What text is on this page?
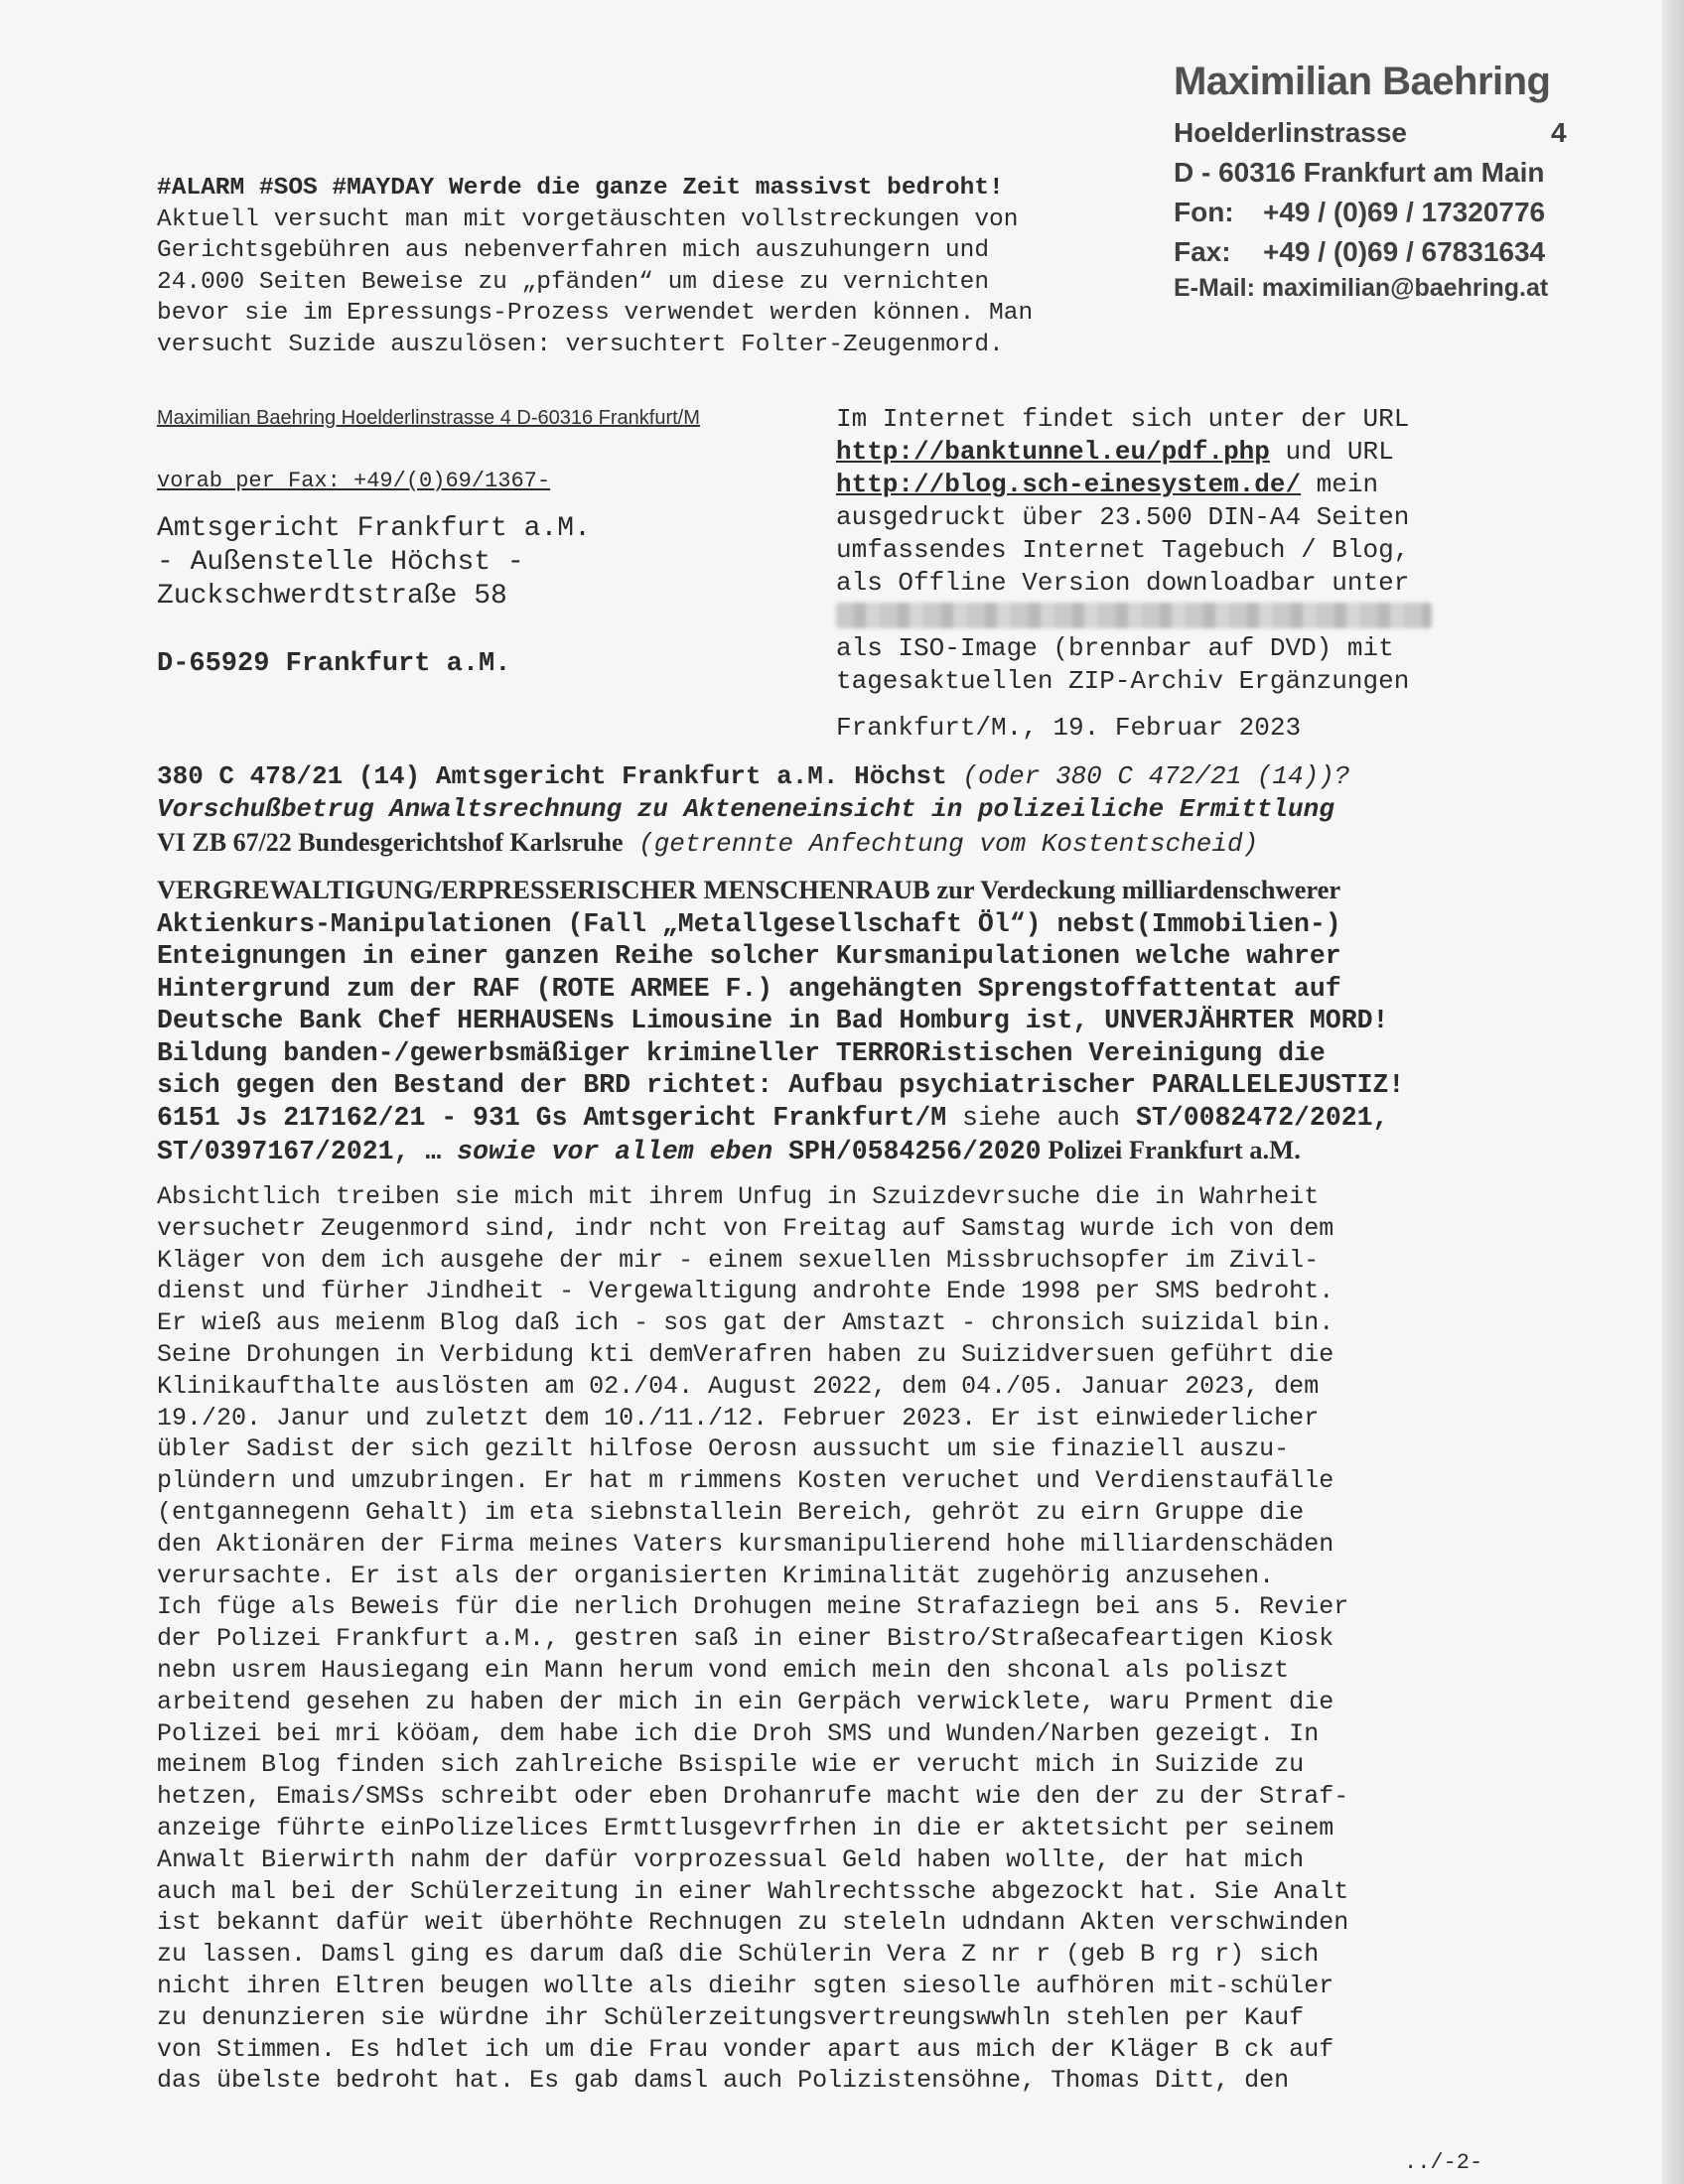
Maximilian Baehring
Hoelderlinstrasse	4
D - 60316 Frankfurt am Main
Fon: +49 / (0)69 / 17320776
Fax: +49 / (0)69 / 67831634
E-Mail: maximilian@baehring.at
#ALARM #SOS #MAYDAY Werde die ganze Zeit massivst bedroht!
Aktuell versucht man mit vorgetäuschten vollstreckungen von
Gerichtsgebühren aus nebenverfahren mich auszuhungern und
24.000 Seiten Beweise zu „pfänden“ um diese zu vernichten
bevor sie im Epressungs-Prozess verwendet werden können. Man
versucht Suzide auszulösen: versuchtert Folter-Zeugenmord.
Maximilian Baehring Hoelderlinstrasse 4 D-60316 Frankfurt/M
vorab per Fax: +49/(0)69/1367-
Amtsgericht Frankfurt a.M.
- Außenstelle Höchst -
Zuckschwerdtstraße 58
D-65929 Frankfurt a.M.
Im Internet findet sich unter der URL
http://banktunnel.eu/pdf.php und URL
http://blog.sch-einesystem.de/ mein
ausgedruckt über 23.500 DIN-A4 Seiten
umfassendes Internet Tagebuch / Blog,
als Offline Version downloadbar unter

als ISO-Image (brennbar auf DVD) mit
tagesaktuellen ZIP-Archiv Ergänzungen
Frankfurt/M., 19. Februar 2023
380 C 478/21 (14) Amtsgericht Frankfurt a.M. Höchst (oder 380 C 472/21 (14))?
Vorschußbetrug Anwaltsrechnung zu Akteneneinsicht in polizeiliche Ermittlung
VI ZB 67/22 Bundesgerichtshof Karlsruhe (getrennte Anfechtung vom Kostentscheid)
VERGREWALTIGUNG/ERPRESSERISCHER MENSCHENRAUB zur Verdeckung milliardenschwerer
Aktienkurs-Manipulationen (Fall „Metallgesellschaft Öl“) nebst(Immobilien-)
Enteignungen in einer ganzen Reihe solcher Kursmanipulationen welche wahrer
Hintergrund zum der RAF (ROTE ARMEE F.) angehängten Sprengstoffattentat auf
Deutsche Bank Chef HERHAUSENs Limousine in Bad Homburg ist, UNVERJÄHRTER MORD!
Bildung banden-/gewerbsmäßiger krimineller TERRORistischen Vereinigung die
sich gegen den Bestand der BRD richtet: Aufbau psychiatrischer PARALLELEJUSTIZ!
6151 Js 217162/21 - 931 Gs Amtsgericht Frankfurt/M siehe auch ST/0082472/2021,
ST/0397167/2021, … sowie vor allem eben SPH/0584256/2020 Polizei Frankfurt a.M.
Absichtlich treiben sie mich mit ihrem Unfug in Szuizdevrsuche die in Wahrheit
versuchetr Zeugenmord sind, indr ncht von Freitag auf Samstag wurde ich von dem
Kläger von dem ich ausgehe der mir - einem sexuellen Missbruchsopfer im Zivil-
dienst und fürher Jindheit - Vergewaltigung androhte Ende 1998 per SMS bedroht.
Er wieß aus meienm Blog daß ich - sos gat der Amstazt - chronsich suizidal bin.
Seine Drohungen in Verbidung kti demVerafren haben zu Suizidversuen geführt die
Klinikaufthalte auslösten am 02./04. August 2022, dem 04./05. Januar 2023, dem
19./20. Janur und zuletzt dem 10./11./12. Februer 2023. Er ist einwiederlicher
übler Sadist der sich gezilt hilfose Oerosn aussucht um sie finaziell auszu-
plündern und umzubringen. Er hat m rimmens Kosten veruchet und Verdienstaufälle
(entgannegenn Gehalt) im eta siebnstallein Bereich, gehröt zu eirn Gruppe die
den Aktionären der Firma meines Vaters kursmanipulierend hohe milliardenschäden
verursachte. Er ist als der organisierten Kriminalität zugehörig anzusehen.
Ich füge als Beweis für die nerlich Drohugen meine Strafaziegn bei ans 5. Revier
der Polizei Frankfurt a.M., gestren saß in einer Bistro/Straßecafeartigen Kiosk
nebn usrem Hausiegang ein Mann herum vond emich mein den shconal als poliszt
arbeitend gesehen zu haben der mich in ein Gerpäch verwicklete, waru Prment die
Polizei bei mri kööam, dem habe ich die Droh SMS und Wunden/Narben gezeigt. In
meinem Blog finden sich zahlreiche Bsispile wie er verucht mich in Suizide zu
hetzen, Emais/SMSs schreibt oder eben Drohanrufe macht wie den der zu der Straf-
anzeige führte einPolizelices Ermttlusgevrfrhen in die er aktetsicht per seinem
Anwalt Bierwirth nahm der dafür vorprozessual Geld haben wollte, der hat mich
auch mal bei der Schülerzeitung in einer Wahlrechtssche abgezockt hat. Sie Analt
ist bekannt dafür weit überhöhte Rechnugen zu steleln udndann Akten verschwinden
zu lassen. Damsl ging es darum daß die Schülerin Vera Z nr r (geb B rg r) sich
nicht ihren Eltren beugen wollte als dieihr sgten siesolle aufhören mit-schüler
zu denunzieren sie würdne ihr Schülerzeitungsvertreungswwhln stehlen per Kauf
von Stimmen. Es hdlet ich um die Frau vonder apart aus mich der Kläger B ck auf
das übelste bedroht hat. Es gab damsl auch Polizistensöhne, Thomas Ditt, den
../-2-
